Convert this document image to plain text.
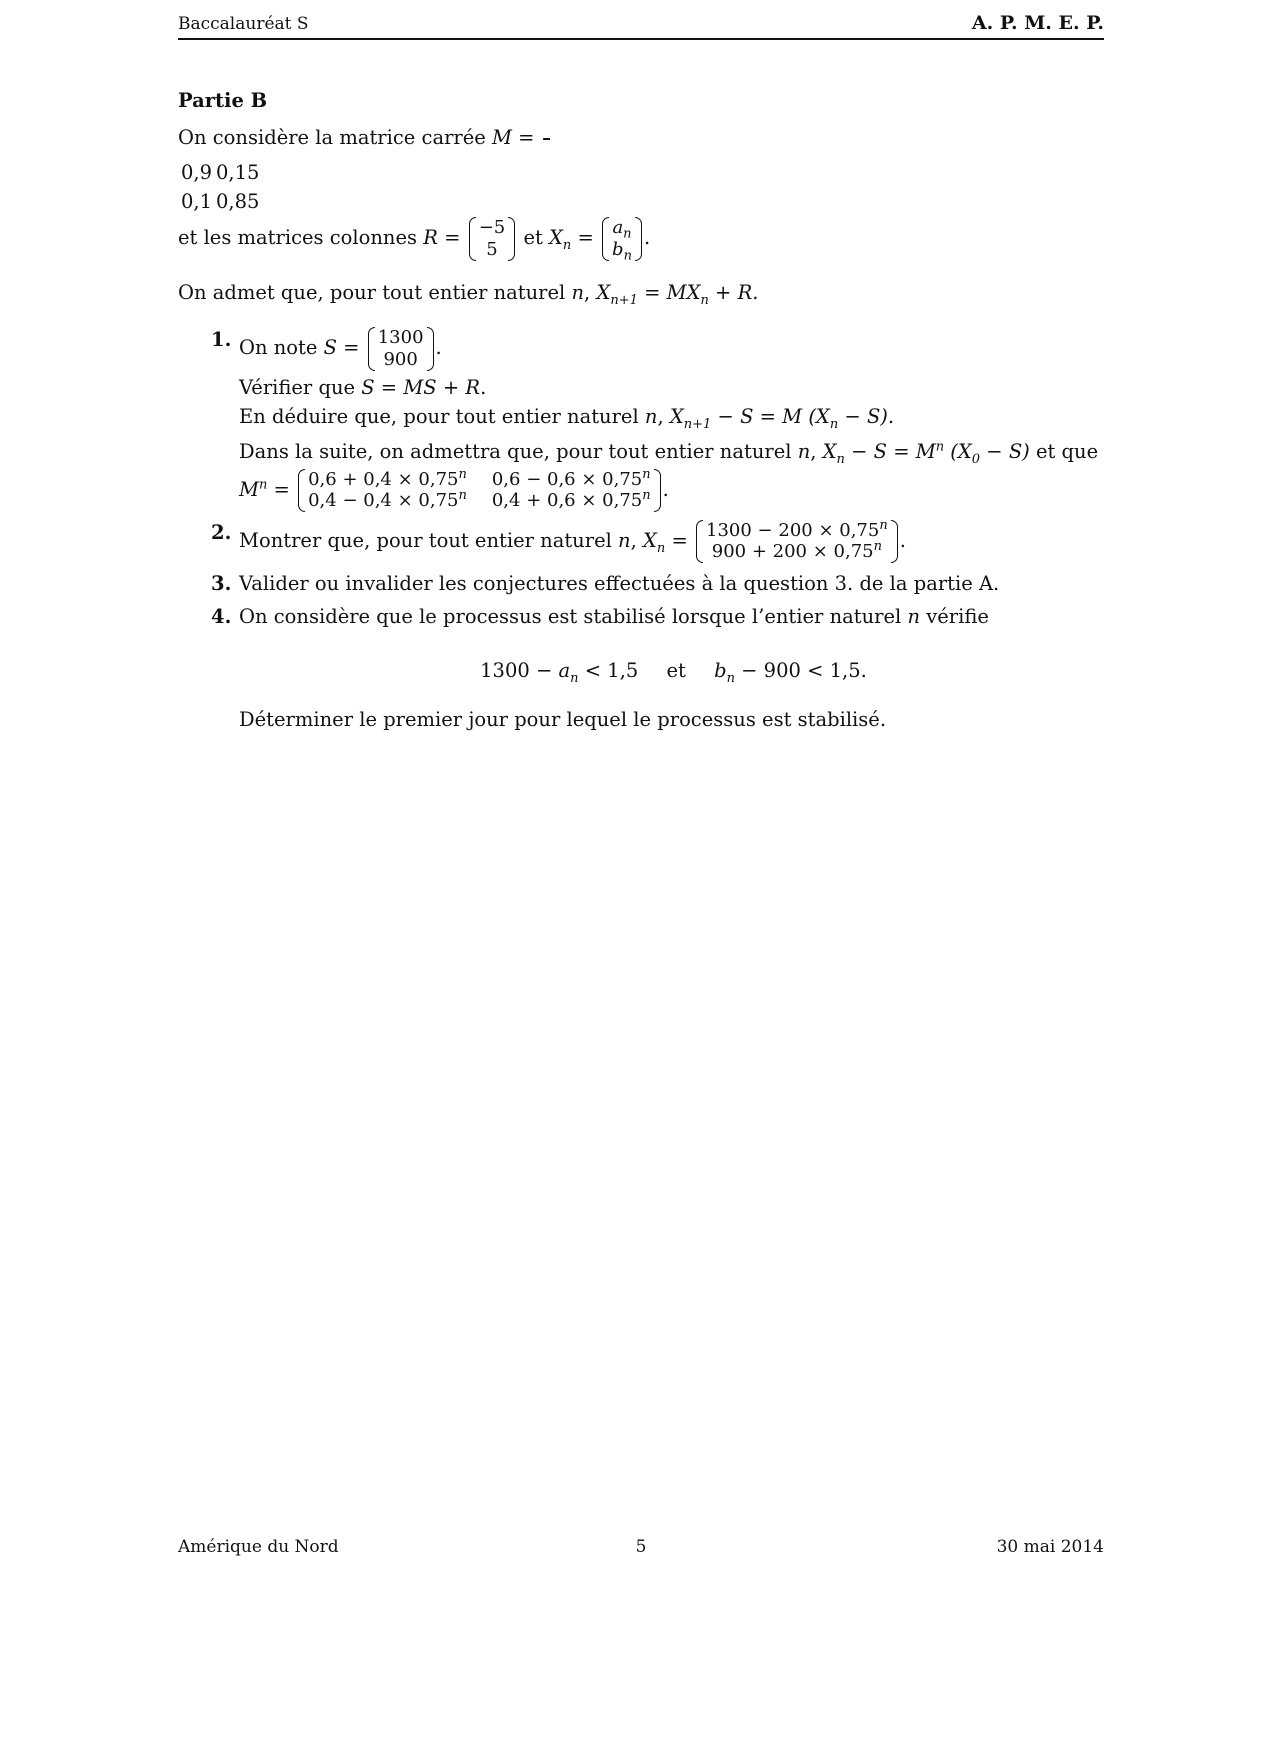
Baccalauréat S	A. P. M. E. P.
Partie B

On considère la matrice carrée M =

0,9	0,15
0,1	0,85
et les matrices colonnes R = −5
5 et $X_n = a_n$
$b_n$
.

On admet que, pour tout entier naturel n, $X_{n+1} = MX_n + R$.

1. On note S = 1300
900 .
Vérifier que S = MS + R.
En déduire que, pour tout entier naturel n, $X_{n+1} - S = M$ $(X_n - S)$.
Dans la suite, on admettra que, pour tout entier naturel n, $X_n - S = M^n$ $(X_0 - S)$ et que
$M^n = 0,6 + 0,4 \times 0,75^n$	$0,6 - 0,6 \times 0,75^n$
$0,4 - 0,4 \times 0,75^n$	$0,4 + 0,6 \times 0,75^n$ .
2. Montrer que, pour tout entier naturel n, $X_n = 1300 - 200 \times 0,75^n$
$900 + 200 \times 0,75^n$ .
3. Valider ou invalider les conjectures effectuées à la question 3. de la partie A.
4. On considère que le processus est stabilisé lorsque l’entier naturel n vérifie
$1300 - a_n < 1,5$ et $b_n - 900 < 1,5$.
Déterminer le premier jour pour lequel le processus est stabilisé.
Amérique du Nord	5	30 mai 2014
